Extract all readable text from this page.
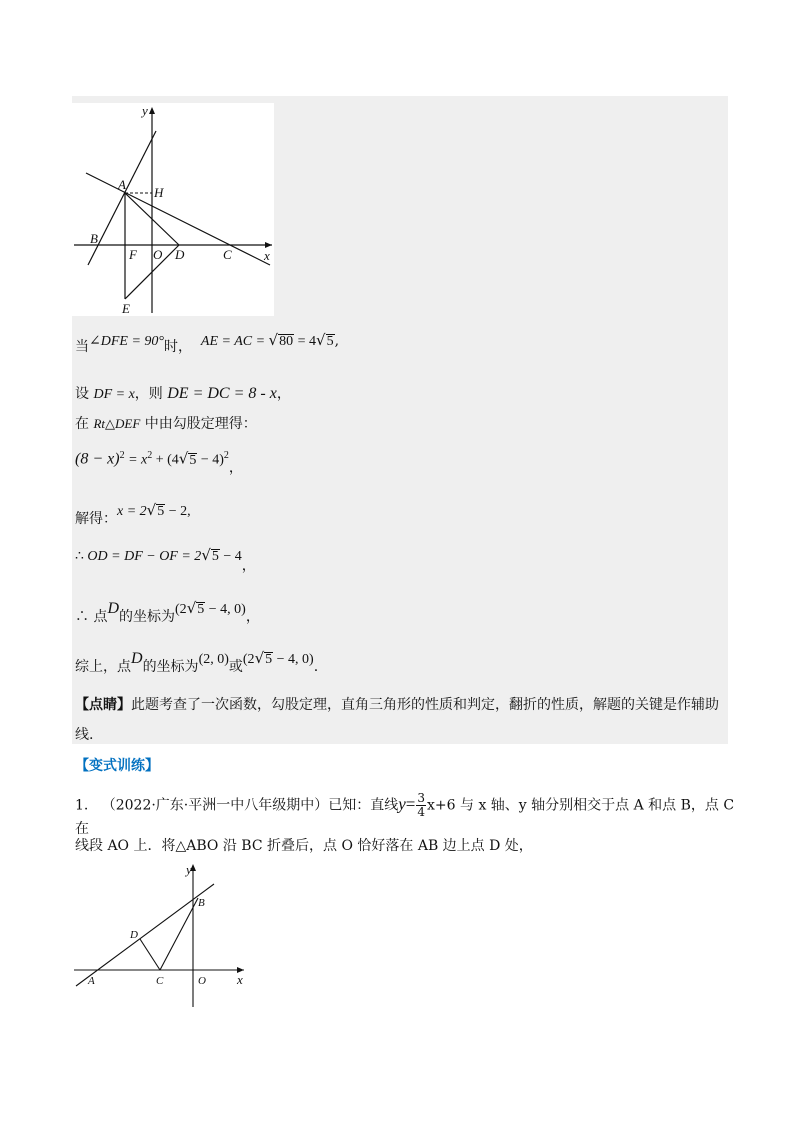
y
x
A
H
B
F O D	C
E
当∠DFE = 90°时， AE = AC = √80 = 4√5,
设 DF = x，则 DE = DC = 8 - x，
在 Rt△DEF 中由勾股定理得：
$(8 - x)^2 = x^2 + (4√5 - 4)^2$，
解得：x = 2√5 − 2,
∴ OD = DF − OF = 2√5 − 4，
∴ 点D的坐标为(2√5 − 4, 0)，
综上，点D的坐标为(2, 0)或(2√5 − 4, 0).
【点睛】此题考查了一次函数，勾股定理，直角三角形的性质和判定，翻折的性质，解题的关键是作辅助线.
【变式训练】
1. （2022·广东·平洲一中八年级期中）已知：直线$y= \frac{3}{4} x+6$ 与 x 轴、y 轴分别相交于点 A 和点 B，点 C 在
线段 AO 上．将△ABO 沿 BC 折叠后，点 O 恰好落在 AB 边上点 D 处，
y
x
B
D
A	C	O
